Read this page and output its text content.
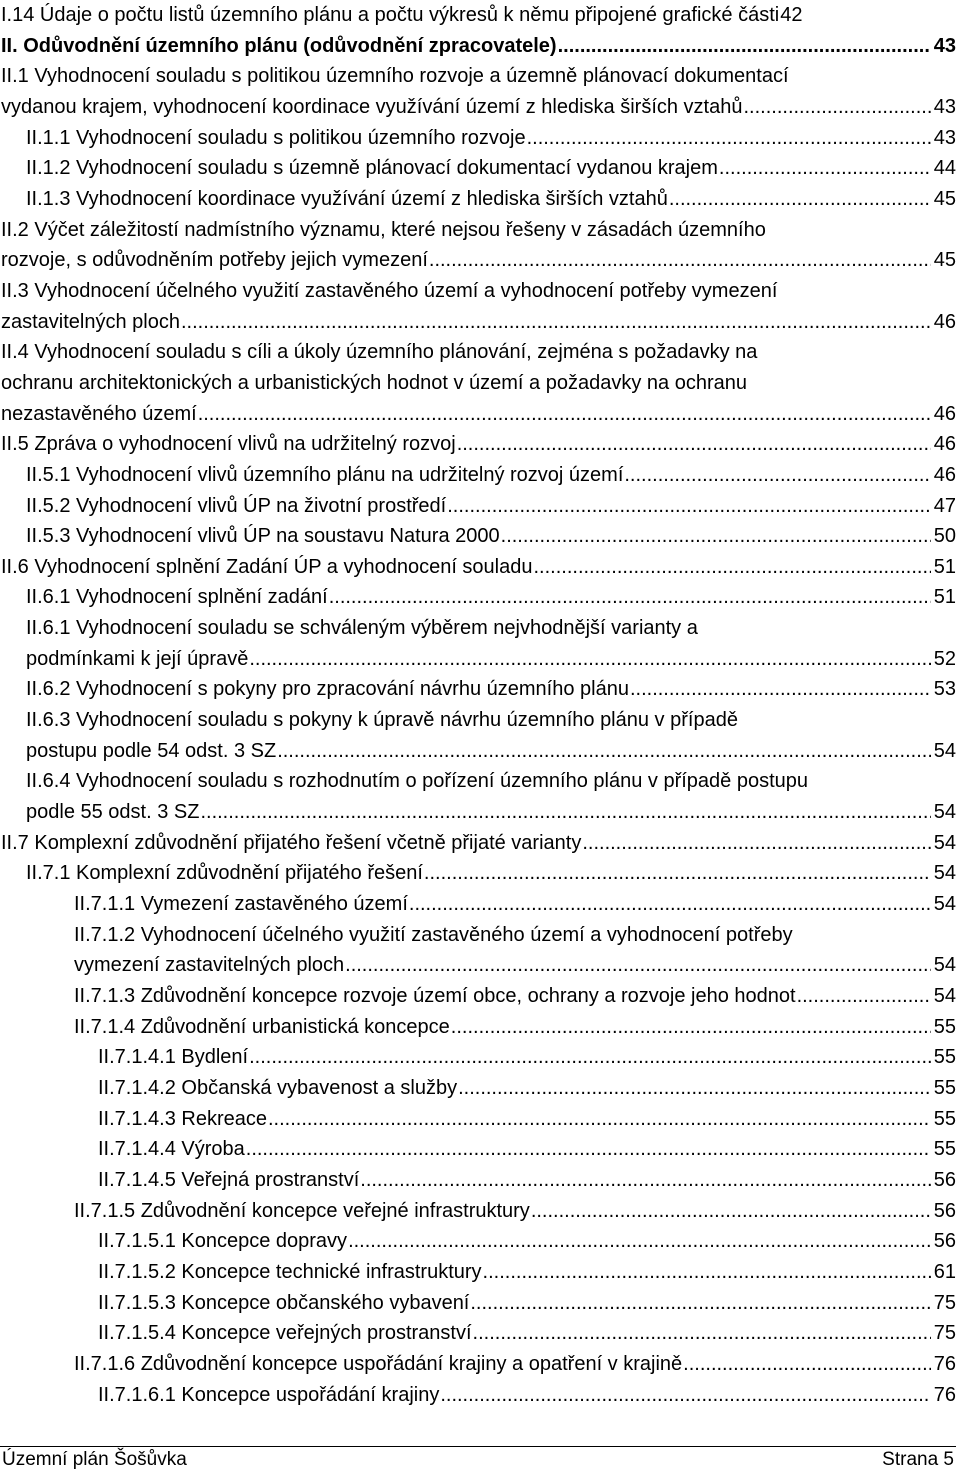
I.14 Údaje o počtu listů územního plánu a počtu výkresů k němu připojené grafické části 42
II. Odůvodnění územního plánu (odůvodnění zpracovatele) .....	43
II.1 Vyhodnocení souladu s politikou územního rozvoje a územně plánovací dokumentací
vydanou krajem, vyhodnocení koordinace využívání území z hlediska širších vztahů .....	43
II.1.1 Vyhodnocení souladu s politikou územního rozvoje .....	43
II.1.2 Vyhodnocení souladu s územně plánovací dokumentací vydanou krajem .....	44
II.1.3 Vyhodnocení koordinace využívání území z hlediska širších vztahů .....	45
II.2 Výčet záležitostí nadmístního významu, které nejsou řešeny v zásadách územního
rozvoje, s odůvodněním potřeby jejich vymezení .....	45
II.3 Vyhodnocení účelného využití zastavěného území a vyhodnocení potřeby vymezení
zastavitelných ploch .....	46
II.4 Vyhodnocení souladu s cíli a úkoly územního plánování, zejména s požadavky na
ochranu architektonických a urbanistických hodnot v území a požadavky na ochranu
nezastavěného území .....	46
II.5 Zpráva o vyhodnocení vlivů na udržitelný rozvoj .....	46
II.5.1 Vyhodnocení vlivů územního plánu na udržitelný rozvoj území .....	46
II.5.2 Vyhodnocení vlivů ÚP na životní prostředí .....	47
II.5.3 Vyhodnocení vlivů ÚP na soustavu Natura 2000 .....	50
II.6 Vyhodnocení splnění Zadání ÚP a vyhodnocení souladu .....	51
II.6.1 Vyhodnocení splnění zadání .....	51
II.6.1 Vyhodnocení souladu se schváleným výběrem nejvhodnější varianty a
podmínkami k její úpravě .....	52
II.6.2 Vyhodnocení s pokyny pro zpracování návrhu územního plánu .....	53
II.6.3 Vyhodnocení souladu s pokyny k úpravě návrhu územního plánu v případě
postupu podle 54 odst. 3 SZ .....	54
II.6.4 Vyhodnocení souladu s rozhodnutím o pořízení územního plánu v případě postupu
podle 55 odst. 3 SZ .....	54
II.7 Komplexní zdůvodnění přijatého řešení včetně přijaté varianty .....	54
II.7.1 Komplexní zdůvodnění přijatého řešení .....	54
II.7.1.1 Vymezení zastavěného území .....	54
II.7.1.2 Vyhodnocení účelného využití zastavěného území a vyhodnocení potřeby
vymezení zastavitelných ploch .....	54
II.7.1.3 Zdůvodnění koncepce rozvoje území obce, ochrany a rozvoje jeho hodnot .....	54
II.7.1.4 Zdůvodnění urbanistická koncepce .....	55
II.7.1.4.1 Bydlení .....	55
II.7.1.4.2 Občanská vybavenost a služby .....	55
II.7.1.4.3 Rekreace .....	55
II.7.1.4.4 Výroba .....	55
II.7.1.4.5 Veřejná prostranství .....	56
II.7.1.5 Zdůvodnění koncepce veřejné infrastruktury .....	56
II.7.1.5.1 Koncepce dopravy .....	56
II.7.1.5.2 Koncepce technické infrastruktury .....	61
II.7.1.5.3 Koncepce občanského vybavení .....	75
II.7.1.5.4 Koncepce veřejných prostranství .....	75
II.7.1.6 Zdůvodnění koncepce uspořádání krajiny a opatření v krajině .....	76
II.7.1.6.1 Koncepce uspořádání krajiny .....	76
Územní plán Šošůvka	Strana 5
